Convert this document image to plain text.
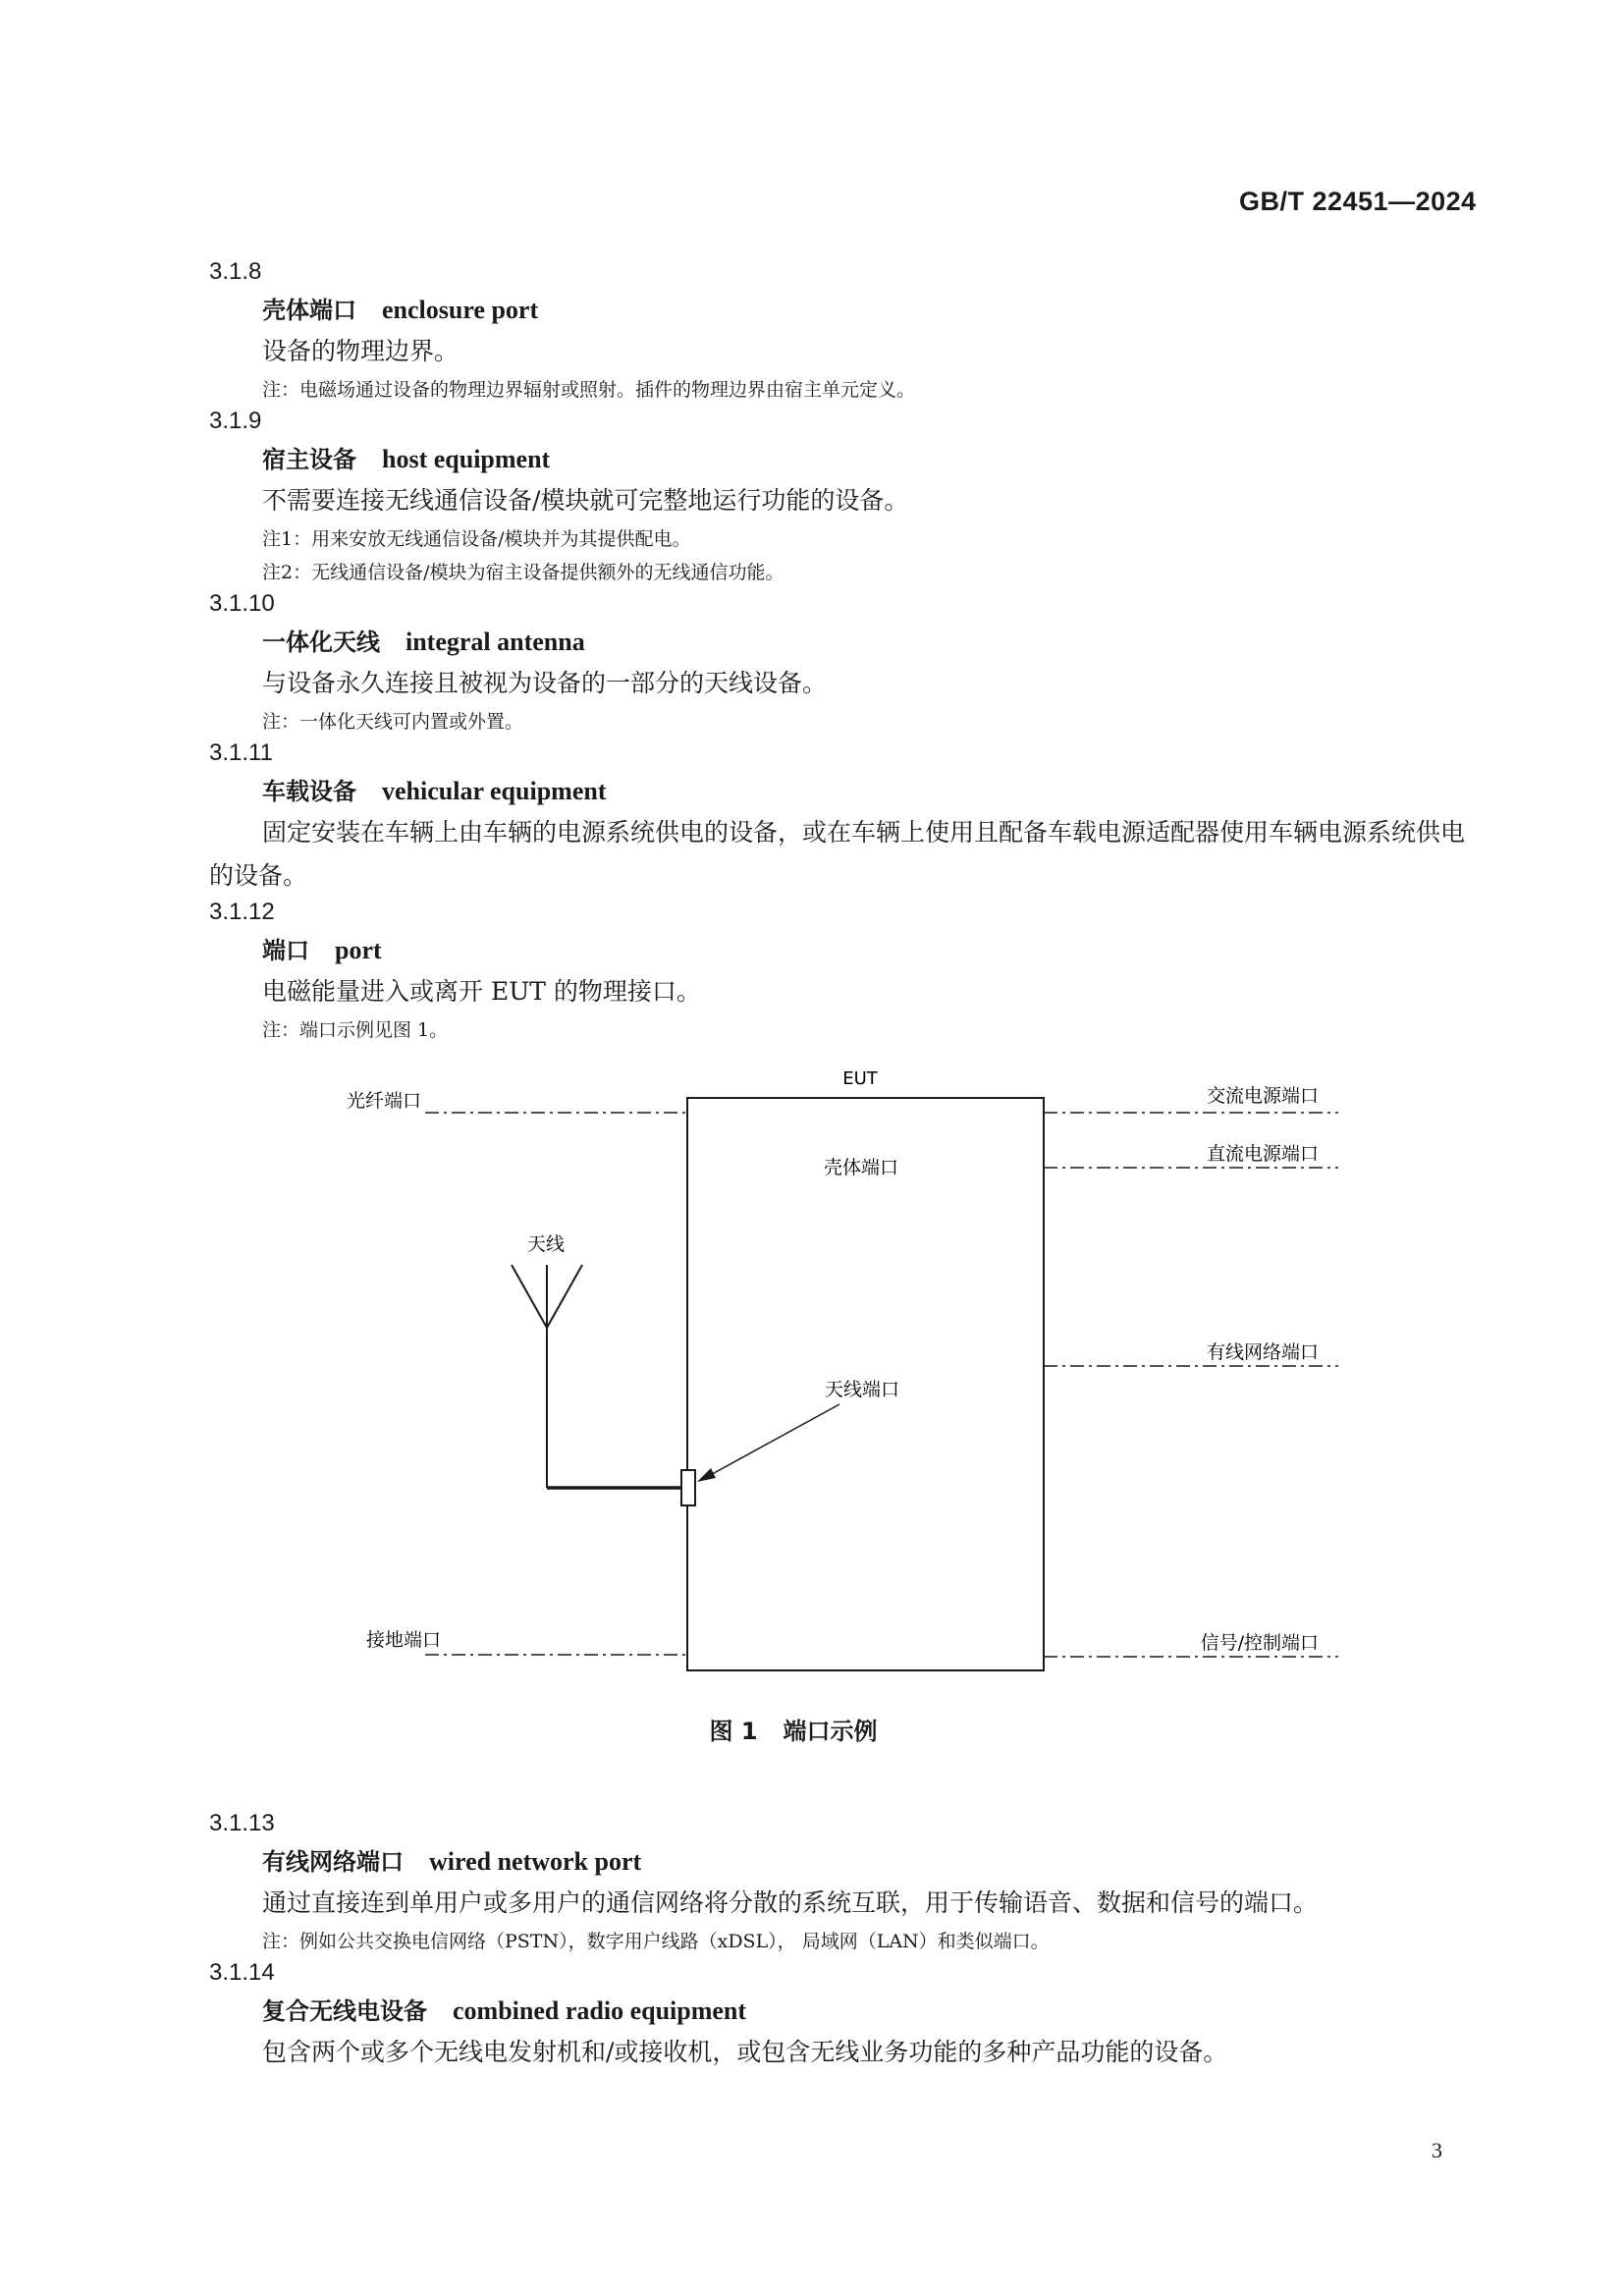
GB/T 22451—2024
3.1.8
壳体端口 enclosure port
设备的物理边界。
注：电磁场通过设备的物理边界辐射或照射。插件的物理边界由宿主单元定义。
3.1.9
宿主设备 host equipment
不需要连接无线通信设备/模块就可完整地运行功能的设备。
注1：用来安放无线通信设备/模块并为其提供配电。
注2：无线通信设备/模块为宿主设备提供额外的无线通信功能。
3.1.10
一体化天线 integral antenna
与设备永久连接且被视为设备的一部分的天线设备。
注：一体化天线可内置或外置。
3.1.11
车载设备 vehicular equipment
固定安装在车辆上由车辆的电源系统供电的设备，或在车辆上使用且配备车载电源适配器使用车辆电源系统供电的设备。
3.1.12
端口 port
电磁能量进入或离开 EUT 的物理接口。
注：端口示例见图 1。
EUT
壳体端口
光纤端口
接地端口
交流电源端口
直流电源端口
有线网络端口
信号/控制端口
天线
天线端口
图 1 端口示例
3.1.13
有线网络端口 wired network port
通过直接连到单用户或多用户的通信网络将分散的系统互联，用于传输语音、数据和信号的端口。
注：例如公共交换电信网络（PSTN），数字用户线路（xDSL）， 局域网（LAN）和类似端口。
3.1.14
复合无线电设备 combined radio equipment
包含两个或多个无线电发射机和/或接收机，或包含无线业务功能的多种产品功能的设备。
3
